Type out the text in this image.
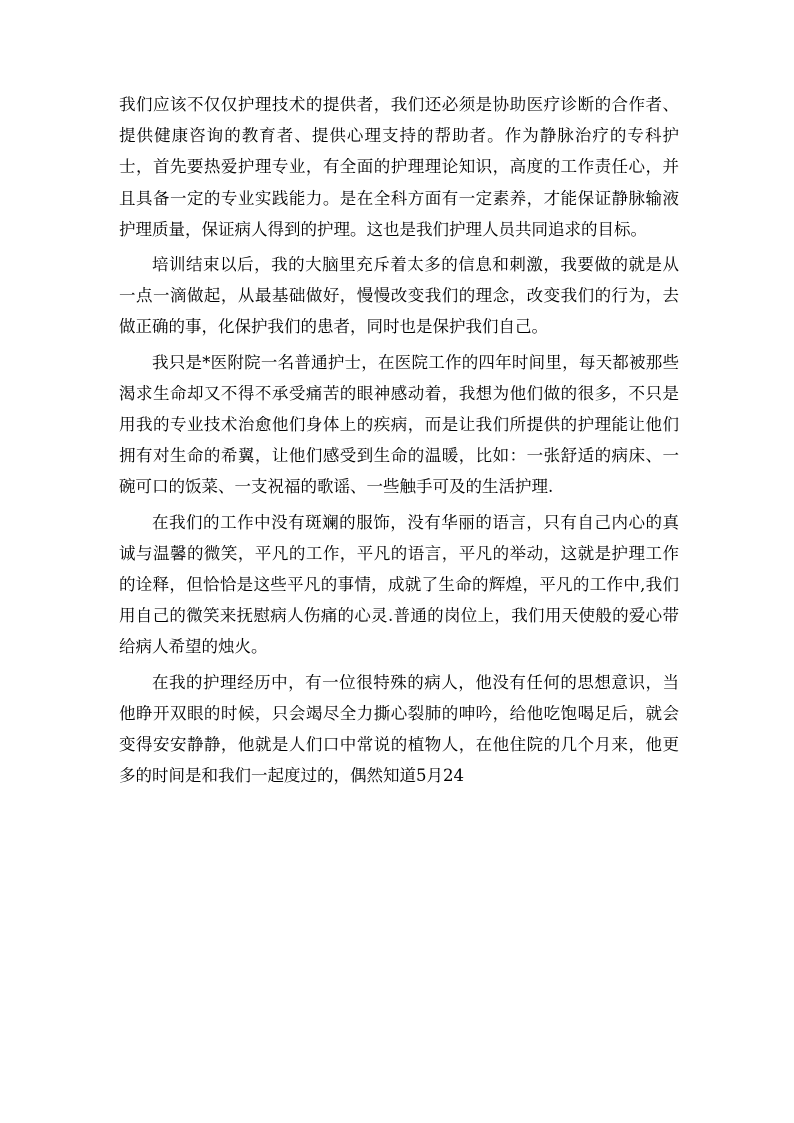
我们应该不仅仅护理技术的提供者，我们还必须是协助医疗诊断的合作者、提供健康咨询的教育者、提供心理支持的帮助者。作为静脉治疗的专科护士，首先要热爱护理专业，有全面的护理理论知识，高度的工作责任心，并且具备一定的专业实践能力。是在全科方面有一定素养，才能保证静脉输液护理质量，保证病人得到的护理。这也是我们护理人员共同追求的目标。

培训结束以后，我的大脑里充斥着太多的信息和刺激，我要做的就是从一点一滴做起，从最基础做好，慢慢改变我们的理念，改变我们的行为，去做正确的事，化保护我们的患者，同时也是保护我们自己。

我只是*医附院一名普通护士，在医院工作的四年时间里，每天都被那些渴求生命却又不得不承受痛苦的眼神感动着，我想为他们做的很多，不只是用我的专业技术治愈他们身体上的疾病，而是让我们所提供的护理能让他们拥有对生命的希翼，让他们感受到生命的温暖，比如：一张舒适的病床、一碗可口的饭菜、一支祝福的歌谣、一些触手可及的生活护理.

在我们的工作中没有斑斓的服饰，没有华丽的语言，只有自己内心的真诚与温馨的微笑，平凡的工作，平凡的语言，平凡的举动，这就是护理工作的诠释，但恰恰是这些平凡的事情，成就了生命的辉煌，平凡的工作中,我们用自己的微笑来抚慰病人伤痛的心灵.普通的岗位上，我们用天使般的爱心带给病人希望的烛火。

在我的护理经历中，有一位很特殊的病人，他没有任何的思想意识，当他睁开双眼的时候，只会竭尽全力撕心裂肺的呻吟，给他吃饱喝足后，就会变得安安静静，他就是人们口中常说的植物人，在他住院的几个月来，他更多的时间是和我们一起度过的，偶然知道5月24
